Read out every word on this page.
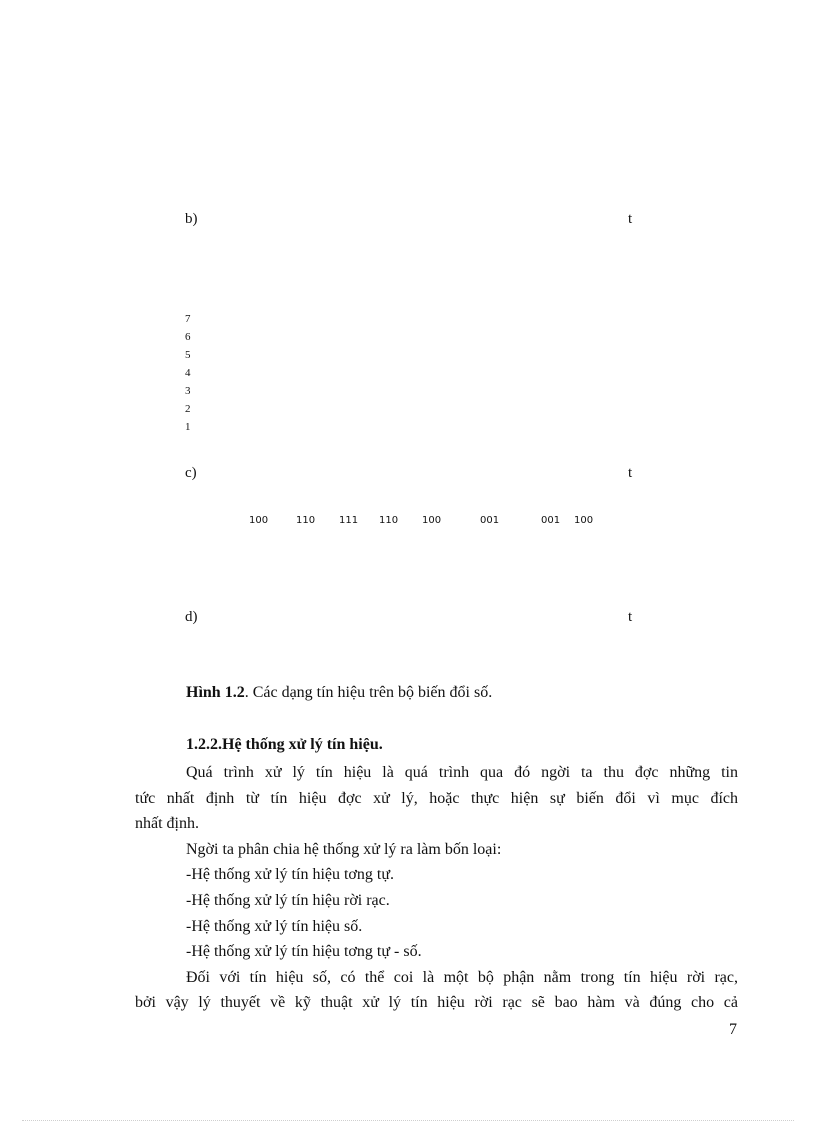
b)	t
7
6
5
4
3
2
1
c)	t
100	110 111 110 100	001	001 100
d)	t
Hình 1.2. Các dạng tín hiệu trên bộ biến đổi số.
1.2.2.Hệ thống xử lý tín hiệu.
Quá trình xử lý tín hiệu là quá trình qua đó ngời ta thu đợc những tin
tức nhất định từ tín hiệu đợc xử lý, hoặc thực hiện sự biến đổi vì mục đích
nhất định.
Ngời ta phân chia hệ thống xử lý ra làm bốn loại:
-Hệ thống xử lý tín hiệu tơng tự.
-Hệ thống xử lý tín hiệu rời rạc.
-Hệ thống xử lý tín hiệu số.
-Hệ thống xử lý tín hiệu tơng tự - số.
Đối với tín hiệu số, có thể coi là một bộ phận nằm trong tín hiệu rời rạc,
bởi vậy lý thuyết về kỹ thuật xử lý tín hiệu rời rạc sẽ bao hàm và đúng cho cả
7
